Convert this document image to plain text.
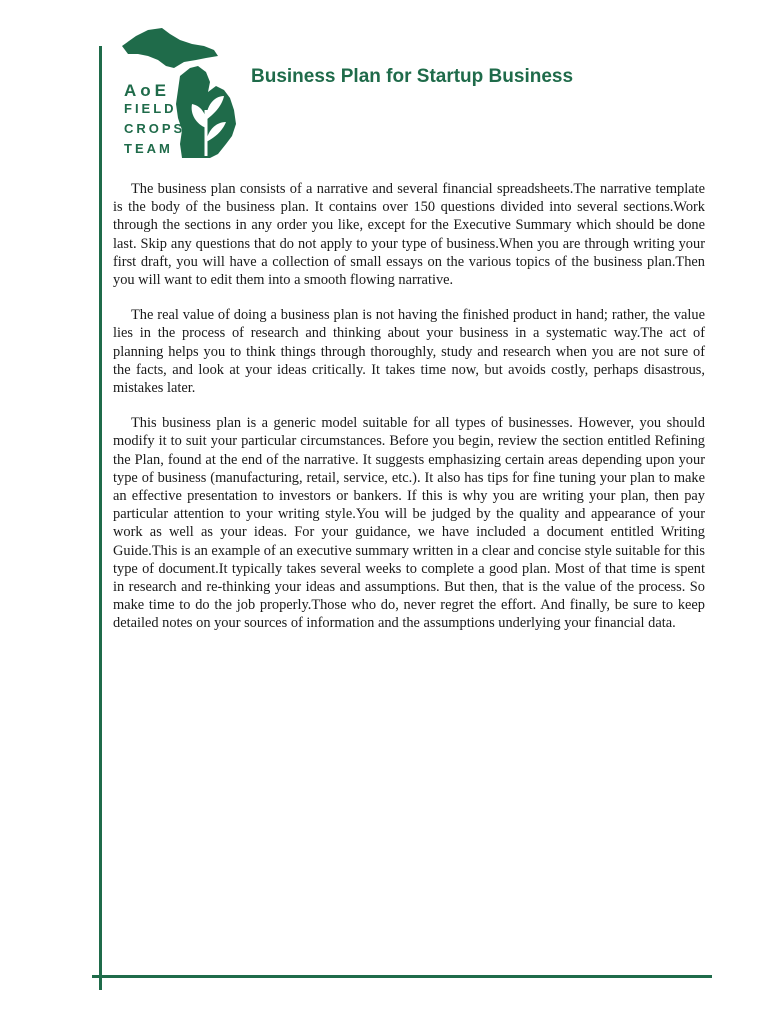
AoE
FIELD
CROPS
TEAM
Business Plan for Startup Business

The business plan consists of a narrative and several financial spreadsheets.The narrative template is the body of the business plan. It contains over 150 questions divided into several sections.Work through the sections in any order you like, except for the Executive Summary which should be done last. Skip any questions that do not apply to your type of business.When you are through writing your first draft, you will have a collection of small essays on the various topics of the business plan.Then you will want to edit them into a smooth flowing narrative.

The real value of doing a business plan is not having the finished product in hand; rather, the value lies in the process of research and thinking about your business in a systematic way.The act of planning helps you to think things through thoroughly, study and research when you are not sure of the facts, and look at your ideas critically. It takes time now, but avoids costly, perhaps disastrous, mistakes later.

This business plan is a generic model suitable for all types of businesses. However, you should modify it to suit your particular circumstances. Before you begin, review the section entitled Refining the Plan, found at the end of the narrative. It suggests emphasizing certain areas depending upon your type of business (manufacturing, retail, service, etc.). It also has tips for fine tuning your plan to make an effective presentation to investors or bankers. If this is why you are writing your plan, then pay particular attention to your writing style.You will be judged by the quality and appearance of your work as well as your ideas. For your guidance, we have included a document entitled Writing Guide.This is an example of an executive summary written in a clear and concise style suitable for this type of document.It typically takes several weeks to complete a good plan. Most of that time is spent in research and re-thinking your ideas and assumptions. But then, that is the value of the process. So make time to do the job properly.Those who do, never regret the effort. And finally, be sure to keep detailed notes on your sources of information and the assumptions underlying your financial data.
